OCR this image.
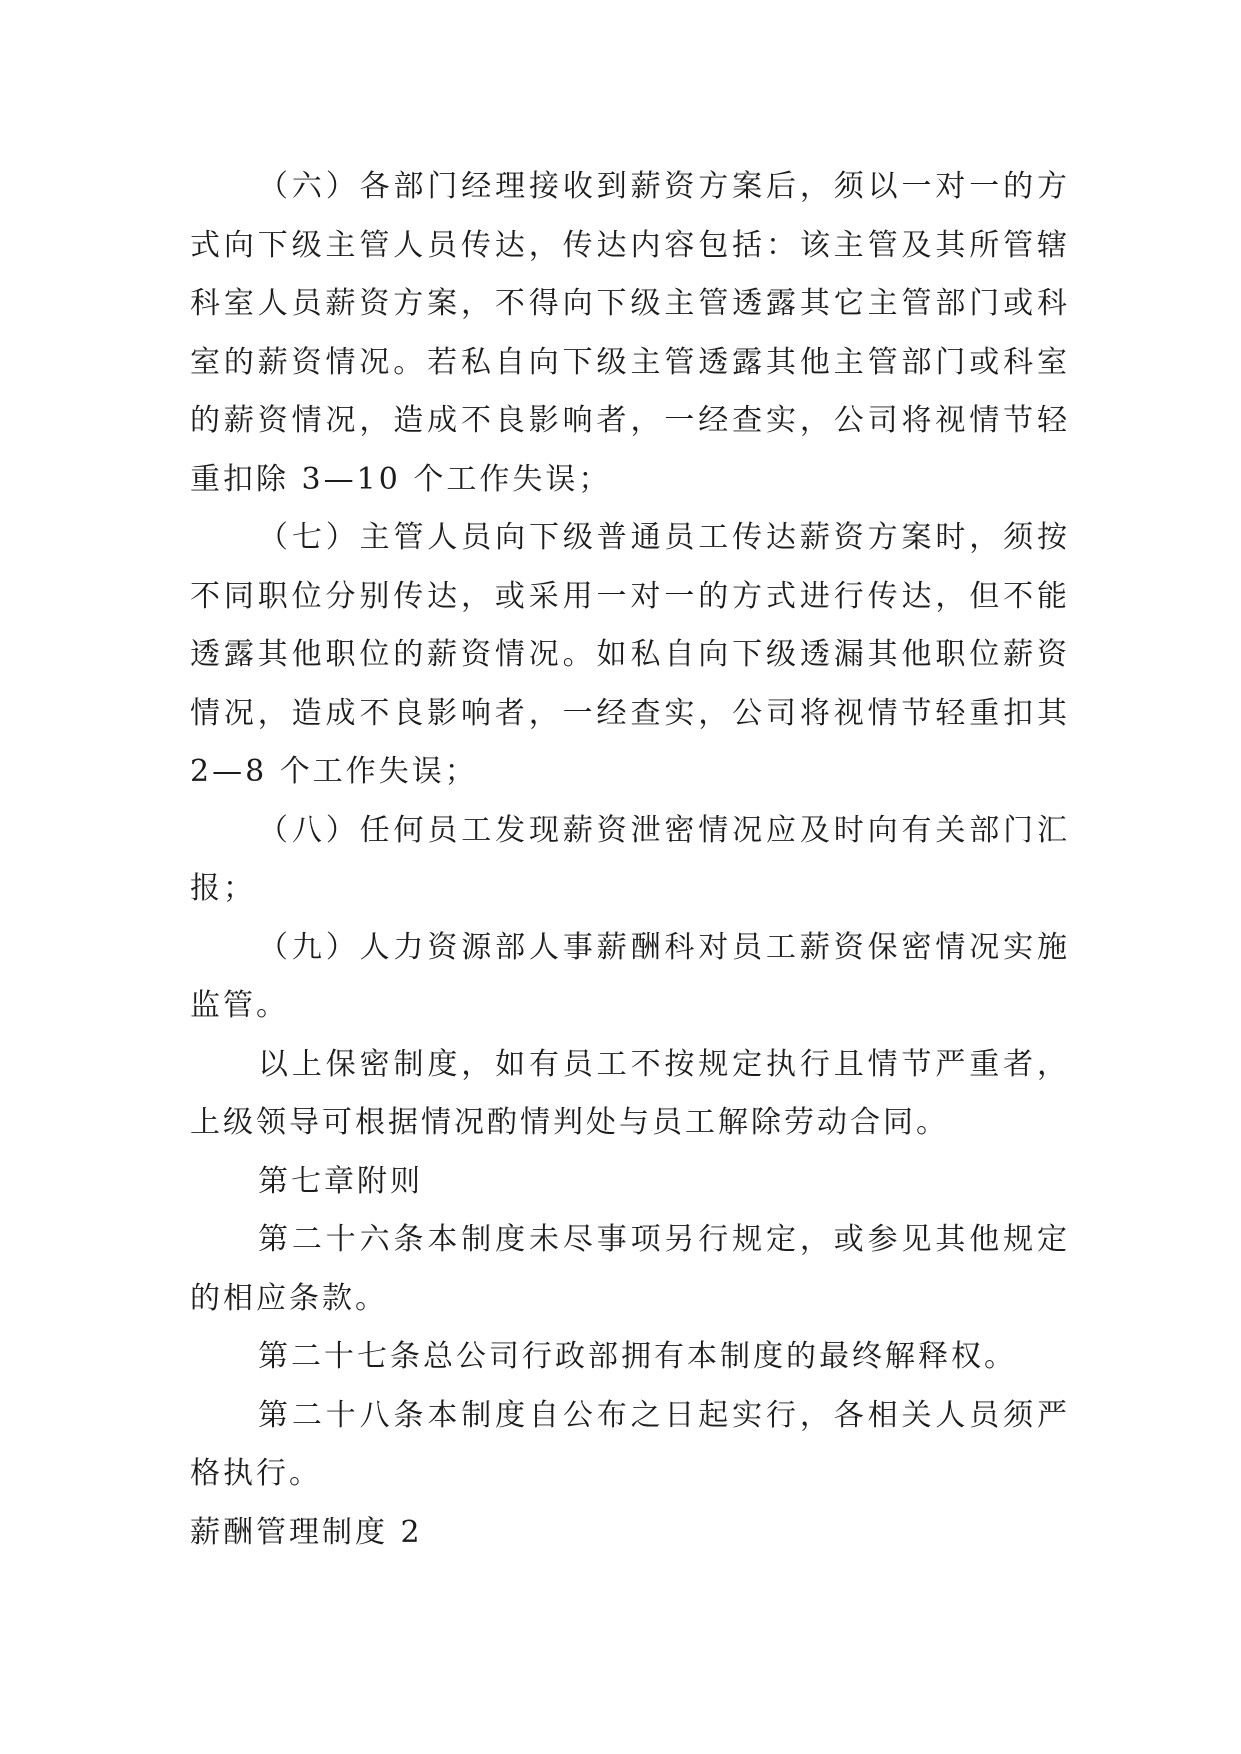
（六）各部门经理接收到薪资方案后，须以一对一的方式向下级主管人员传达，传达内容包括：该主管及其所管辖科室人员薪资方案，不得向下级主管透露其它主管部门或科室的薪资情况。若私自向下级主管透露其他主管部门或科室的薪资情况，造成不良影响者，一经查实，公司将视情节轻重扣除 3—10 个工作失误；

（七）主管人员向下级普通员工传达薪资方案时，须按不同职位分别传达，或采用一对一的方式进行传达，但不能透露其他职位的薪资情况。如私自向下级透漏其他职位薪资情况，造成不良影响者，一经查实，公司将视情节轻重扣其 2—8 个工作失误；

（八）任何员工发现薪资泄密情况应及时向有关部门汇报；

（九）人力资源部人事薪酬科对员工薪资保密情况实施监管。

以上保密制度，如有员工不按规定执行且情节严重者，上级领导可根据情况酌情判处与员工解除劳动合同。

第七章附则

第二十六条本制度未尽事项另行规定，或参见其他规定的相应条款。

第二十七条总公司行政部拥有本制度的最终解释权。

第二十八条本制度自公布之日起实行，各相关人员须严格执行。

薪酬管理制度 2
